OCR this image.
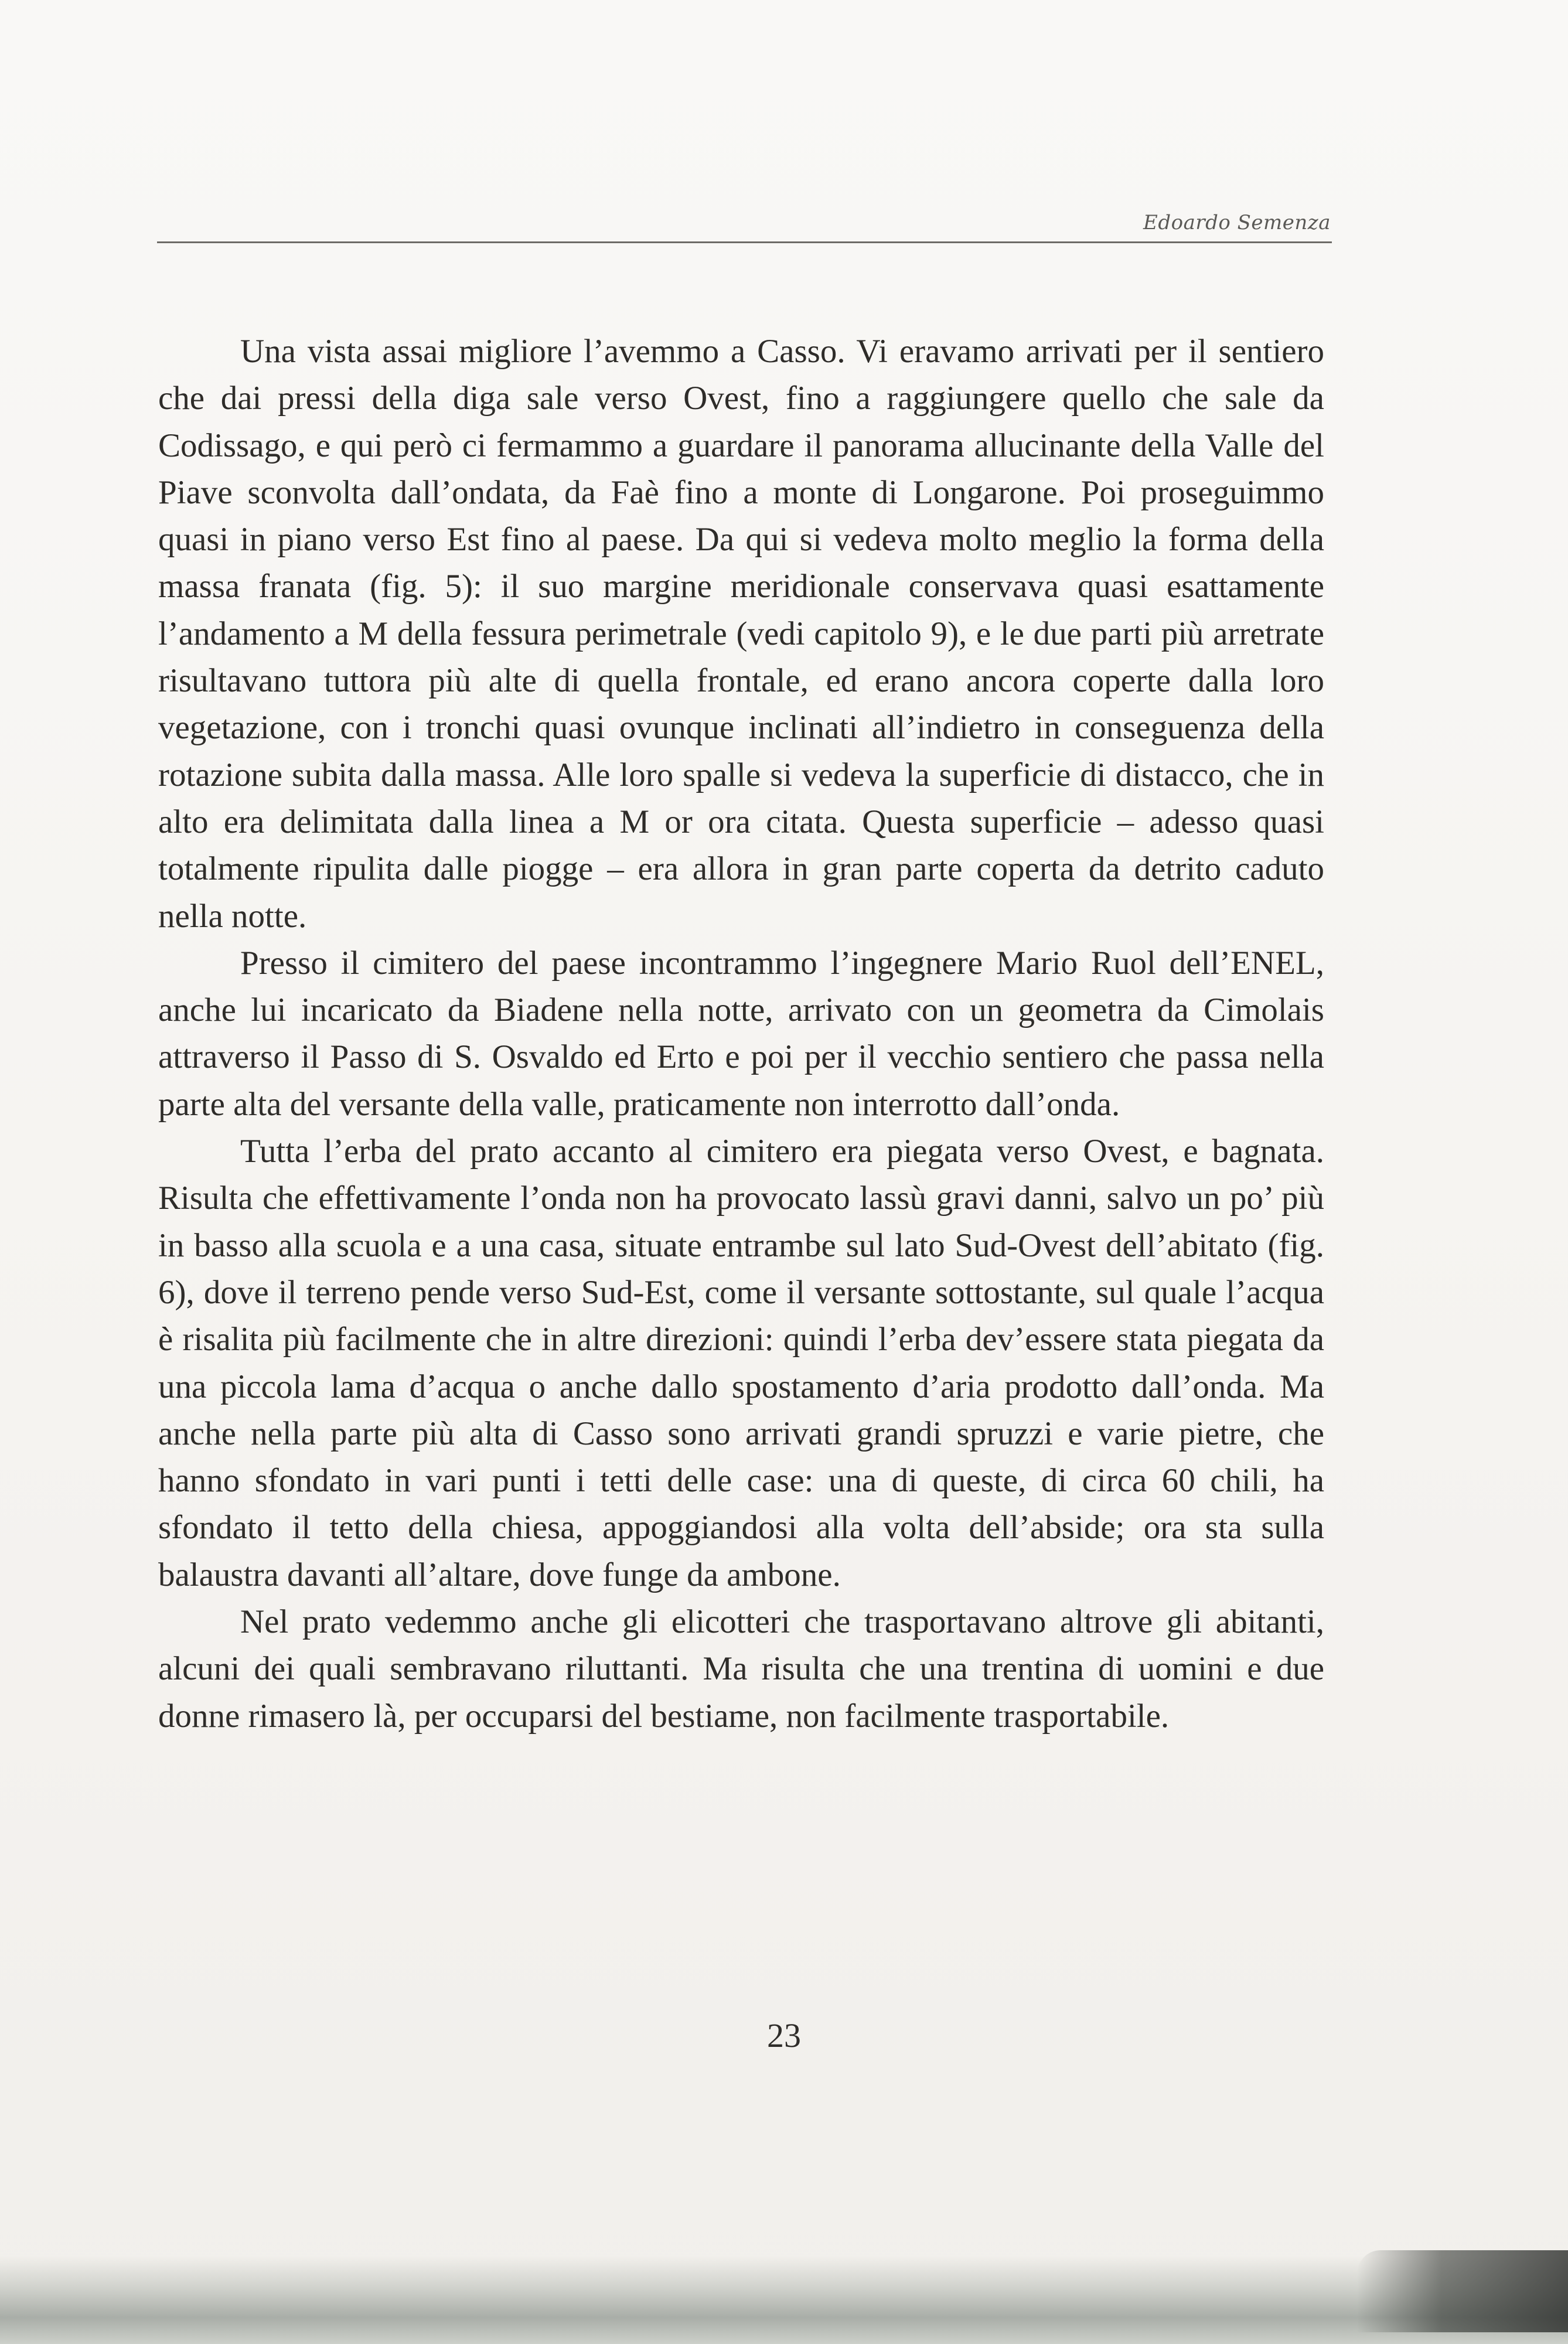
Edoardo Semenza

Una vista assai migliore l’avemmo a Casso. Vi eravamo arrivati per il sentiero che dai pressi della diga sale verso Ovest, fino a raggiungere quello che sale da Codissago, e qui però ci fermammo a guardare il panorama allucinante della Valle del Piave sconvolta dall’ondata, da Faè fino a monte di Longarone. Poi proseguimmo quasi in piano verso Est fino al paese. Da qui si vedeva molto meglio la forma della massa franata (fig. 5): il suo margine meridionale conservava quasi esattamente l’andamento a M della fessura perimetrale (vedi capitolo 9), e le due parti più arretrate risultavano tuttora più alte di quella frontale, ed erano ancora coperte dalla loro vegetazione, con i tronchi quasi ovunque inclinati all’indietro in conseguenza della rotazione subita dalla massa. Alle loro spalle si vedeva la superficie di distacco, che in alto era delimitata dalla linea a M or ora citata. Questa superficie – adesso quasi totalmente ripulita dalle piogge – era allora in gran parte coperta da detrito caduto nella notte.

Presso il cimitero del paese incontrammo l’ingegnere Mario Ruol dell’ENEL, anche lui incaricato da Biadene nella notte, arrivato con un geometra da Cimolais attraverso il Passo di S. Osvaldo ed Erto e poi per il vecchio sentiero che passa nella parte alta del versante della valle, praticamente non interrotto dall’onda.

Tutta l’erba del prato accanto al cimitero era piegata verso Ovest, e bagnata. Risulta che effettivamente l’onda non ha provocato lassù gravi danni, salvo un po’ più in basso alla scuola e a una casa, situate entrambe sul lato Sud-Ovest dell’abitato (fig. 6), dove il terreno pende verso Sud-Est, come il versante sottostante, sul quale l’acqua è risalita più facilmente che in altre direzioni: quindi l’erba dev’essere stata piegata da una piccola lama d’acqua o anche dallo spostamento d’aria prodotto dall’onda. Ma anche nella parte più alta di Casso sono arrivati grandi spruzzi e varie pietre, che hanno sfondato in vari punti i tetti delle case: una di queste, di circa 60 chili, ha sfondato il tetto della chiesa, appoggiandosi alla volta dell’abside; ora sta sulla balaustra davanti all’altare, dove funge da ambone.

Nel prato vedemmo anche gli elicotteri che trasportavano altrove gli abitanti, alcuni dei quali sembravano riluttanti. Ma risulta che una trentina di uomini e due donne rimasero là, per occuparsi del bestiame, non facilmente trasportabile.

23
